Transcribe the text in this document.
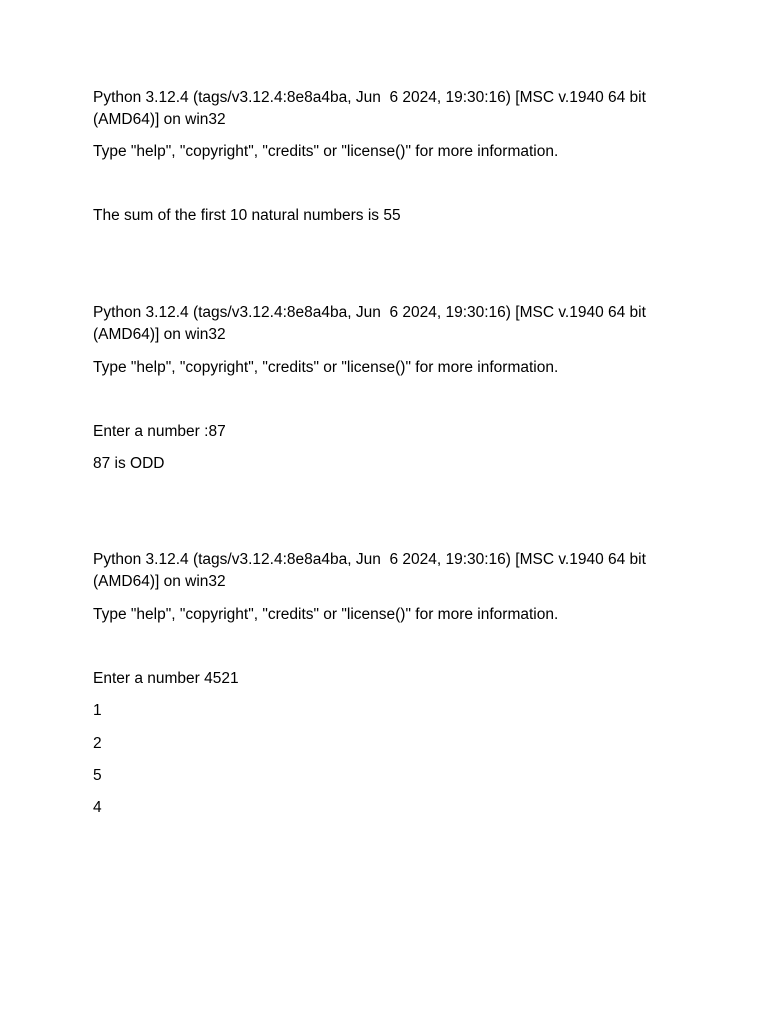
Python 3.12.4 (tags/v3.12.4:8e8a4ba, Jun  6 2024, 19:30:16) [MSC v.1940 64 bit (AMD64)] on win32

Type "help", "copyright", "credits" or "license()" for more information.

The sum of the first 10 natural numbers is 55

Python 3.12.4 (tags/v3.12.4:8e8a4ba, Jun  6 2024, 19:30:16) [MSC v.1940 64 bit (AMD64)] on win32

Type "help", "copyright", "credits" or "license()" for more information.

Enter a number :87

87 is ODD

Python 3.12.4 (tags/v3.12.4:8e8a4ba, Jun  6 2024, 19:30:16) [MSC v.1940 64 bit (AMD64)] on win32

Type "help", "copyright", "credits" or "license()" for more information.

Enter a number 4521

1

2

5

4
